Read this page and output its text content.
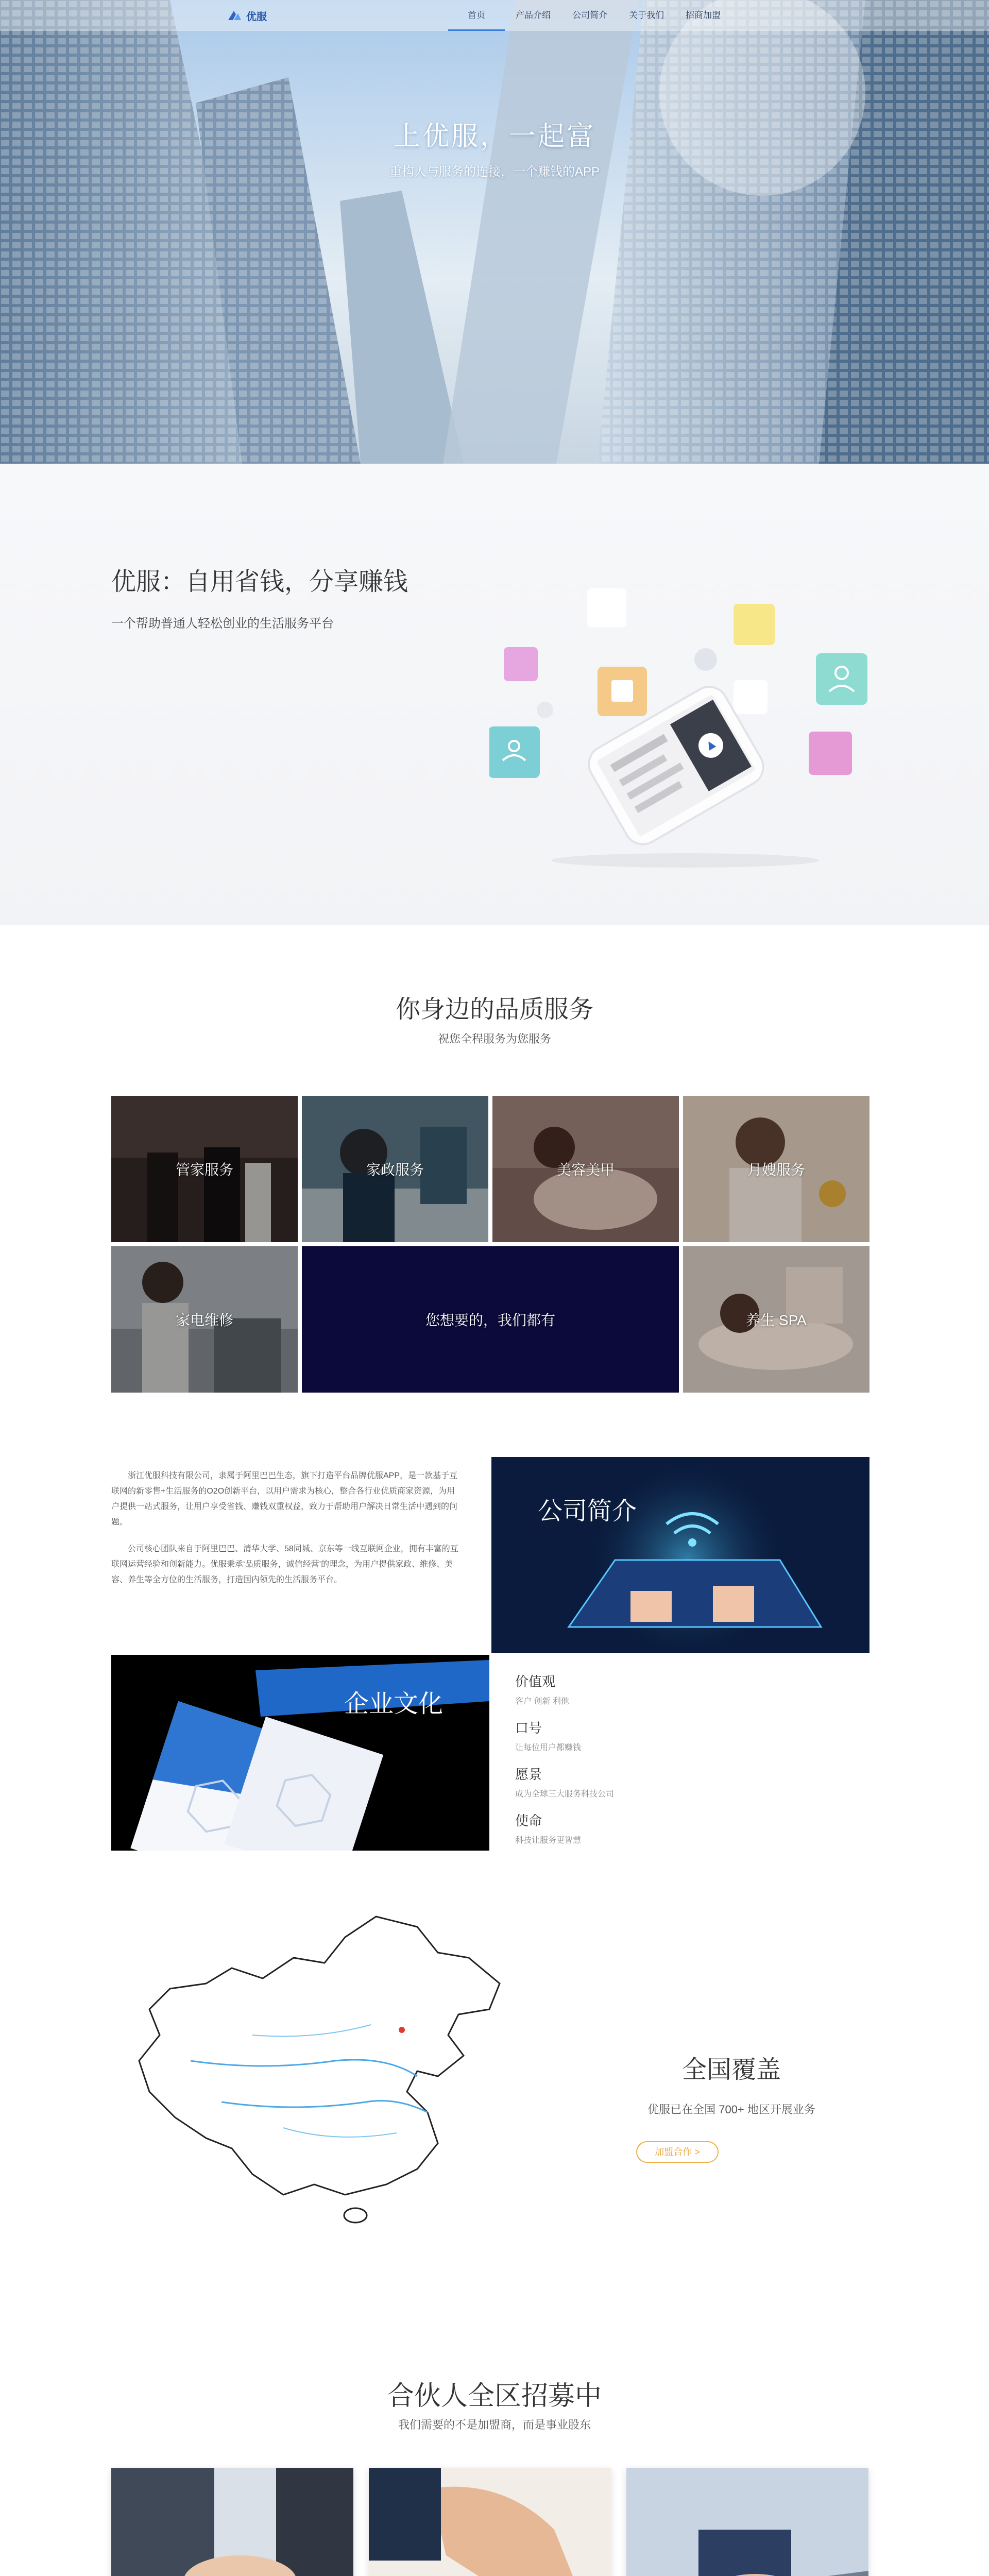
上优服，一起富

重构人与服务的连接，一个赚钱的APP

优服	首页	产品介绍	公司简介	关于我们	招商加盟
优服：自用省钱，分享赚钱

一个帮助普通人轻松创业的生活服务平台

你身边的品质服务

祝您全程服务为您服务

管家服务	家政服务	美容美甲	月嫂服务
家电维修	您想要的，我们都有	养生 SPA

浙江优服科技有限公司，隶属于阿里巴巴生态，旗下打造平台品牌优服APP，是一款基于互联网的新零售+生活服务的O2O创新平台，以用户需求为核心，整合各行业优质商家资源，为用户提供一站式服务，让用户享受省钱、赚钱双重权益，致力于帮助用户解决日常生活中遇到的问题。

公司核心团队来自于阿里巴巴、清华大学、58同城、京东等一线互联网企业，拥有丰富的互联网运营经验和创新能力。优服秉承‘品质服务，诚信经营’的理念，为用户提供家政、维修、美容、养生等全方位的生活服务，打造国内领先的生活服务平台。

公司简介
企业文化
价值观
客户 创新 利他
口号
让每位用户都赚钱
愿景
成为全球三大服务科技公司
使命
科技让服务更智慧
全国覆盖

优服已在全国 700+ 地区开展业务

加盟合作 >
合伙人全区招募中

我们需要的不是加盟商，而是事业股东
